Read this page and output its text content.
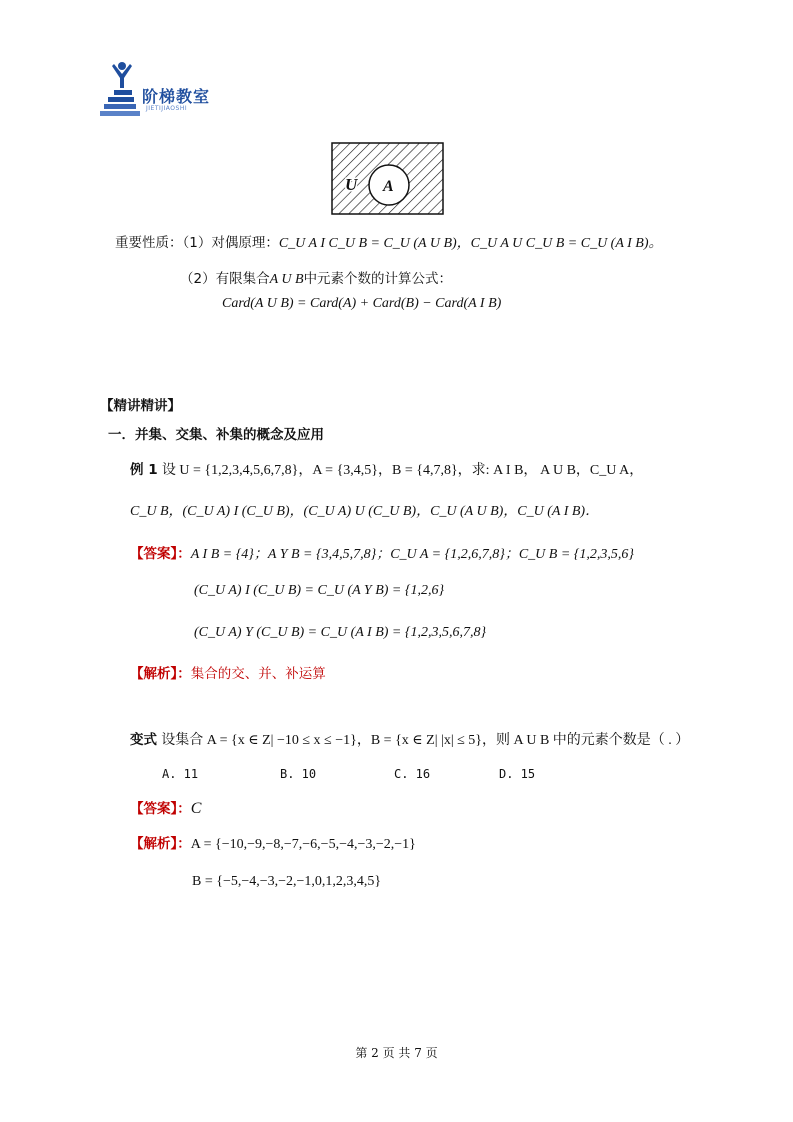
阶梯教室
JIETIJIAOSHI
U A
重要性质：（1）对偶原理：C_U A I C_U B = C_U (A U B)，C_U A U C_U B = C_U (A I B)。
（2）有限集合A U B中元素个数的计算公式：
Card(A U B) = Card(A) + Card(B) − Card(A I B)
【精讲精讲】
一．并集、交集、补集的概念及应用
例 1 设 U = {1,2,3,4,5,6,7,8}，A = {3,4,5}，B = {4,7,8}，求: A I B， A U B，C_U A，
C_U B，(C_U A) I (C_U B)，(C_U A) U (C_U B)，C_U (A U B)，C_U (A I B)．
【答案】：A I B = {4}；A Y B = {3,4,5,7,8}；C_U A = {1,2,6,7,8}；C_U B = {1,2,3,5,6}
(C_U A) I (C_U B) = C_U (A Y B) = {1,2,6}
(C_U A) Y (C_U B) = C_U (A I B) = {1,2,3,5,6,7,8}
【解析】：集合的交、并、补运算
变式 设集合 A = {x ∈ Z| −10 ≤ x ≤ −1}，B = {x ∈ Z| |x| ≤ 5}，则 A U B 中的元素个数是（ . ）
A. 11	B. 10	C. 16	D. 15
【答案】：C
【解析】：A = {−10,−9,−8,−7,−6,−5,−4,−3,−2,−1}
B = {−5,−4,−3,−2,−1,0,1,2,3,4,5}
第 2 页 共 7 页
